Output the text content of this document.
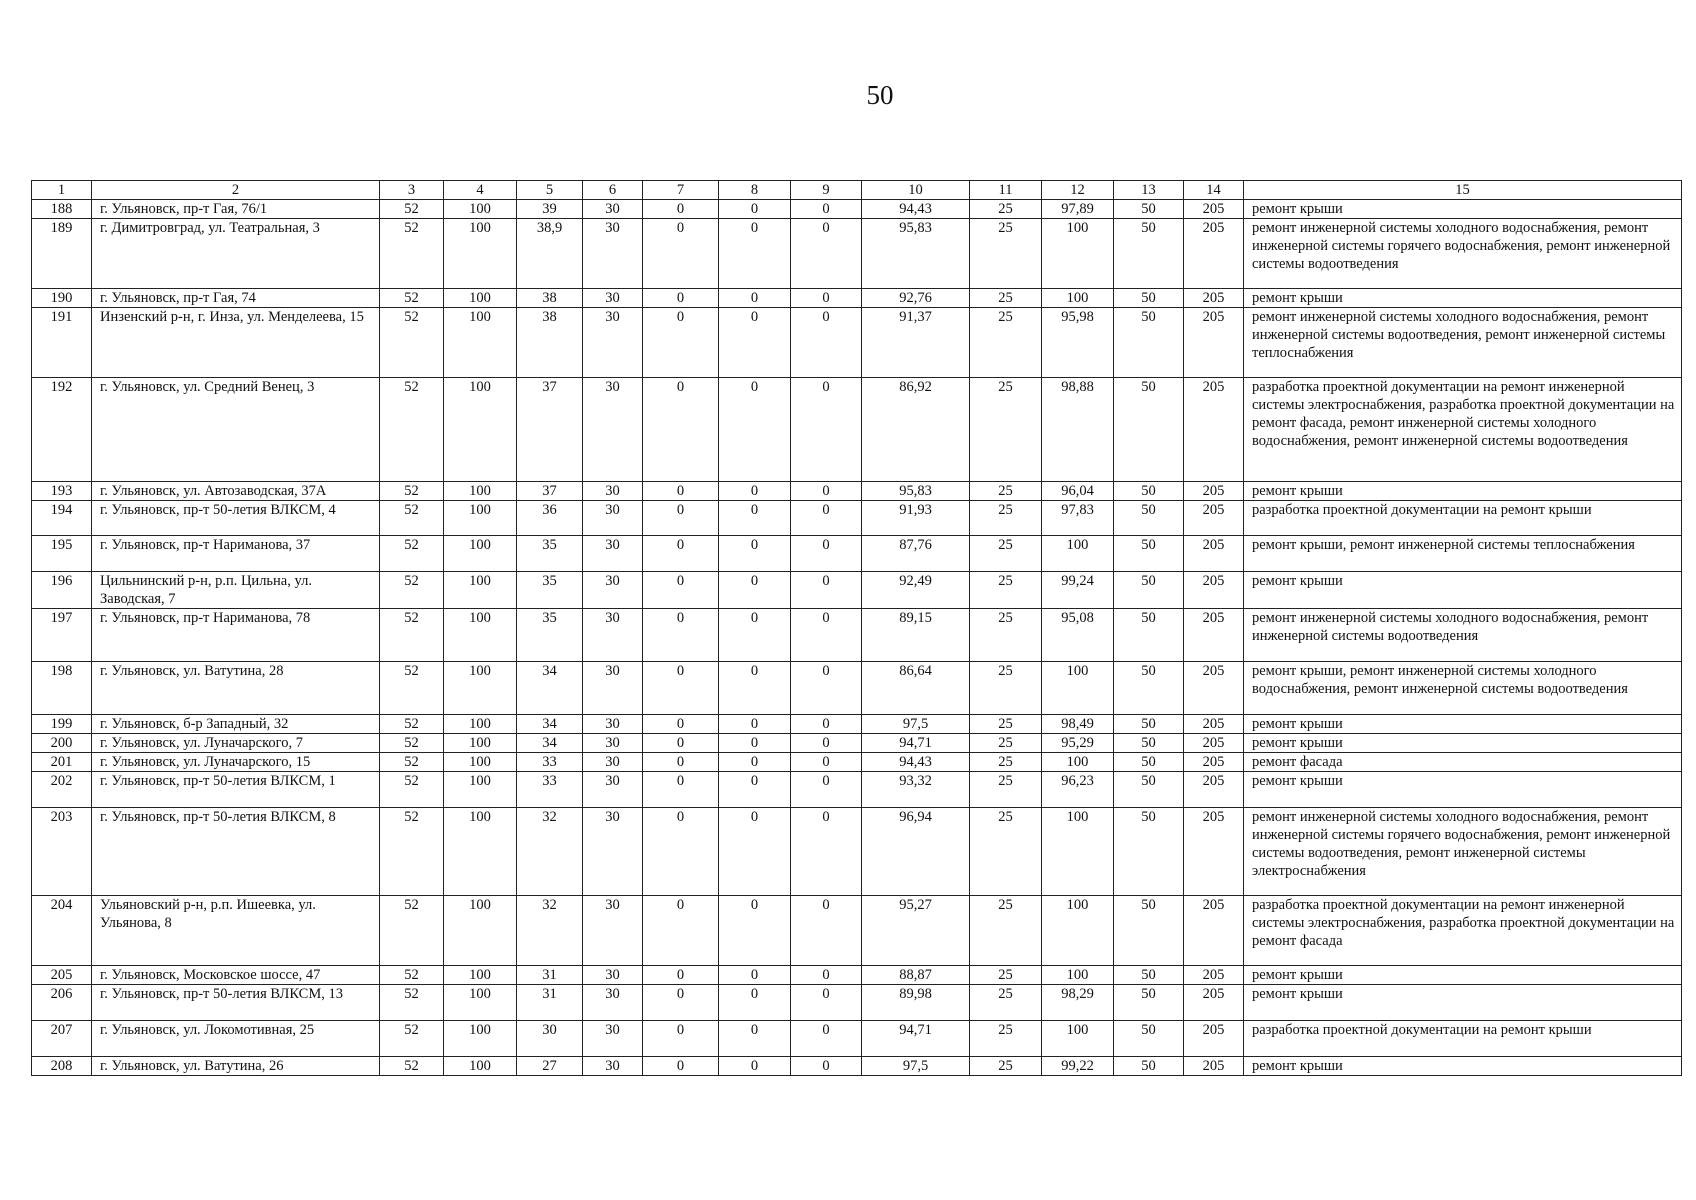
50
1	2	3	4	5	6	7	8	9	10	11	12	13	14	15
188	г. Ульяновск, пр-т Гая, 76/1	52	100	39	30	0	0	0	94,43	25	97,89	50	205	ремонт крыши
189	г. Димитровград, ул. Театральная, 3	52	100	38,9	30	0	0	0	95,83	25	100	50	205	ремонт инженерной системы холодного водоснабжения, ремонт инженерной системы горячего водоснабжения, ремонт инженерной системы водоотведения
190	г. Ульяновск, пр-т Гая, 74	52	100	38	30	0	0	0	92,76	25	100	50	205	ремонт крыши
191	Инзенский р-н, г. Инза, ул. Менделеева, 15	52	100	38	30	0	0	0	91,37	25	95,98	50	205	ремонт инженерной системы холодного водоснабжения, ремонт инженерной системы водоотведения, ремонт инженерной системы теплоснабжения
192	г. Ульяновск, ул. Средний Венец, 3	52	100	37	30	0	0	0	86,92	25	98,88	50	205	разработка проектной документации на ремонт инженерной системы электроснабжения, разработка проектной документации на ремонт фасада, ремонт инженерной системы холодного водоснабжения, ремонт инженерной системы водоотведения
193	г. Ульяновск, ул. Автозаводская, 37А	52	100	37	30	0	0	0	95,83	25	96,04	50	205	ремонт крыши
194	г. Ульяновск, пр-т 50-летия ВЛКСМ, 4	52	100	36	30	0	0	0	91,93	25	97,83	50	205	разработка проектной документации на ремонт крыши
195	г. Ульяновск, пр-т Нариманова, 37	52	100	35	30	0	0	0	87,76	25	100	50	205	ремонт крыши, ремонт инженерной системы теплоснабжения
196	Цильнинский р-н, р.п. Цильна, ул. Заводская, 7	52	100	35	30	0	0	0	92,49	25	99,24	50	205	ремонт крыши
197	г. Ульяновск, пр-т Нариманова, 78	52	100	35	30	0	0	0	89,15	25	95,08	50	205	ремонт инженерной системы холодного водоснабжения, ремонт инженерной системы водоотведения
198	г. Ульяновск, ул. Ватутина, 28	52	100	34	30	0	0	0	86,64	25	100	50	205	ремонт крыши, ремонт инженерной системы холодного водоснабжения, ремонт инженерной системы водоотведения
199	г. Ульяновск, б-р Западный, 32	52	100	34	30	0	0	0	97,5	25	98,49	50	205	ремонт крыши
200	г. Ульяновск, ул. Луначарского, 7	52	100	34	30	0	0	0	94,71	25	95,29	50	205	ремонт крыши
201	г. Ульяновск, ул. Луначарского, 15	52	100	33	30	0	0	0	94,43	25	100	50	205	ремонт фасада
202	г. Ульяновск, пр-т 50-летия ВЛКСМ, 1	52	100	33	30	0	0	0	93,32	25	96,23	50	205	ремонт крыши
203	г. Ульяновск, пр-т 50-летия ВЛКСМ, 8	52	100	32	30	0	0	0	96,94	25	100	50	205	ремонт инженерной системы холодного водоснабжения, ремонт инженерной системы горячего водоснабжения, ремонт инженерной системы водоотведения, ремонт инженерной системы электроснабжения
204	Ульяновский р-н, р.п. Ишеевка, ул. Ульянова, 8	52	100	32	30	0	0	0	95,27	25	100	50	205	разработка проектной документации на ремонт инженерной системы электроснабжения, разработка проектной документации на ремонт фасада
205	г. Ульяновск, Московское шоссе, 47	52	100	31	30	0	0	0	88,87	25	100	50	205	ремонт крыши
206	г. Ульяновск, пр-т 50-летия ВЛКСМ, 13	52	100	31	30	0	0	0	89,98	25	98,29	50	205	ремонт крыши
207	г. Ульяновск, ул. Локомотивная, 25	52	100	30	30	0	0	0	94,71	25	100	50	205	разработка проектной документации на ремонт крыши
208	г. Ульяновск, ул. Ватутина, 26	52	100	27	30	0	0	0	97,5	25	99,22	50	205	ремонт крыши
